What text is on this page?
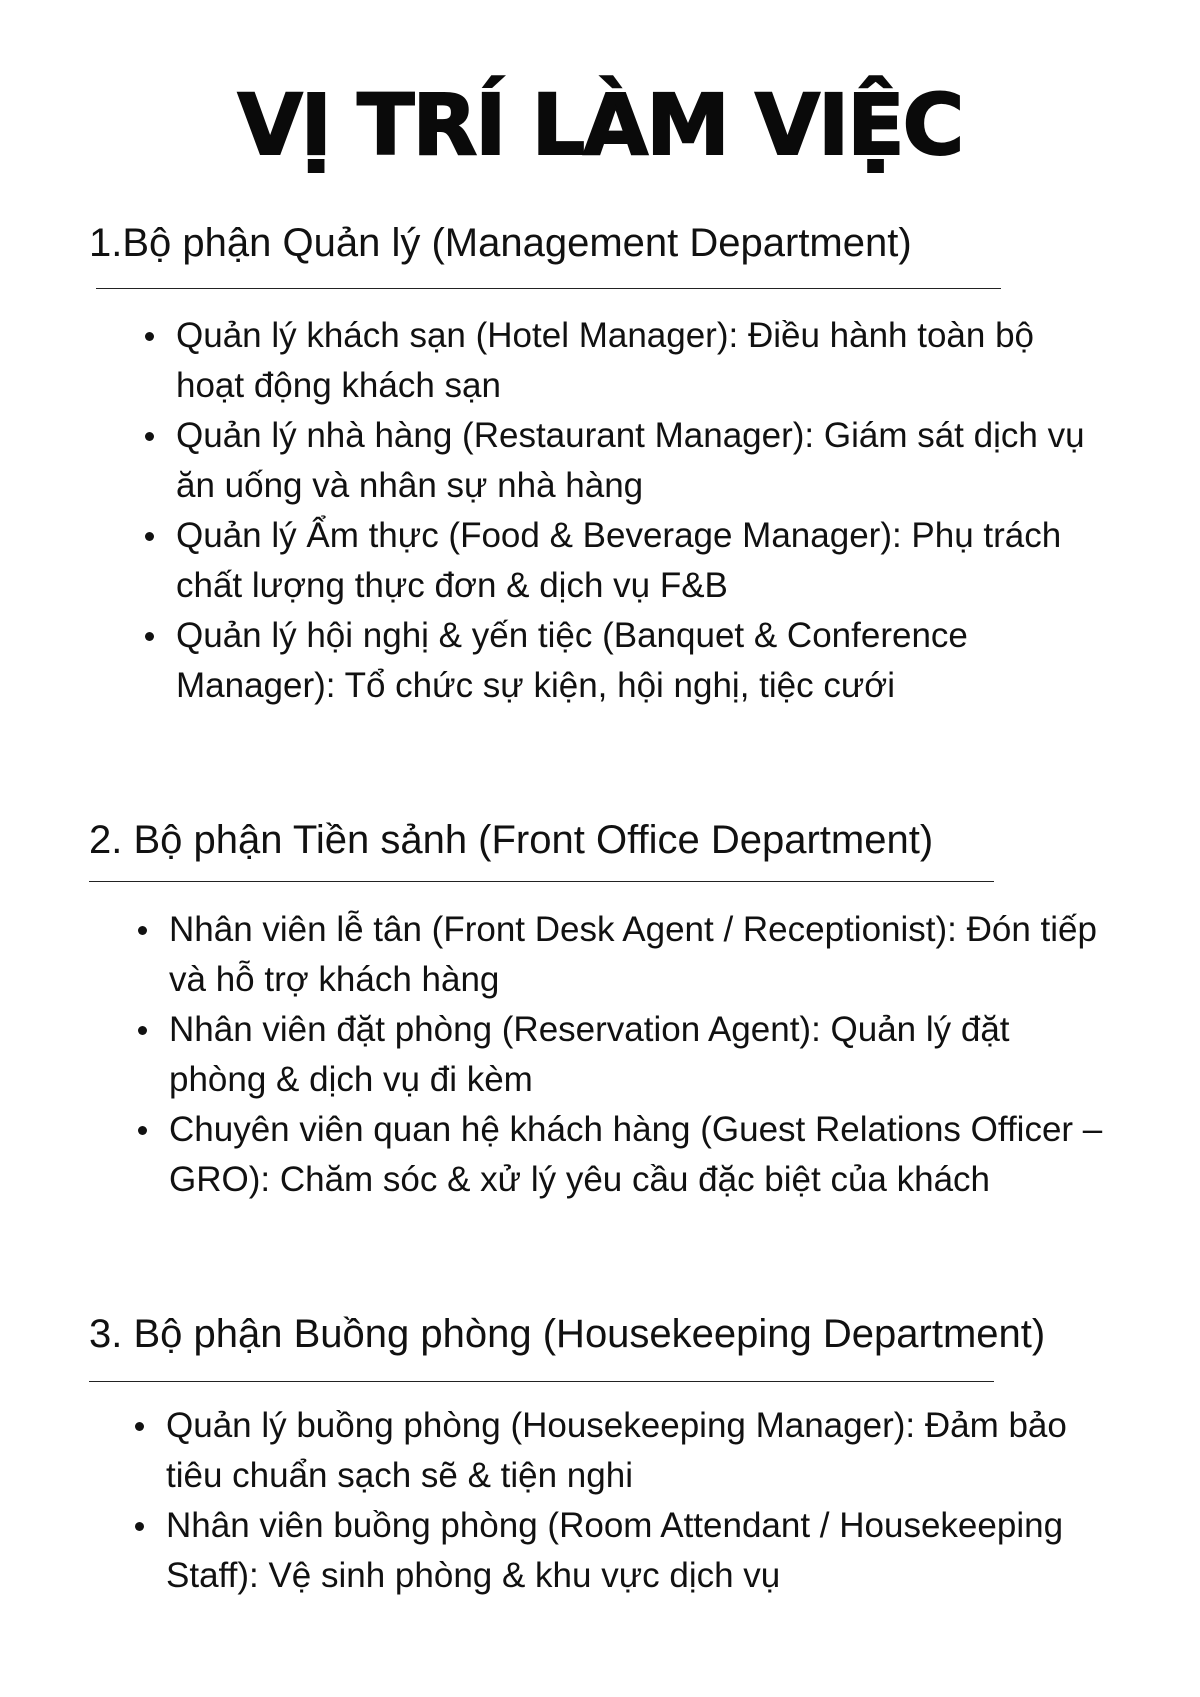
VỊ TRÍ LÀM VIỆC
1.Bộ phận Quản lý (Management Department)
Quản lý khách sạn (Hotel Manager): Điều hành toàn bộ
hoạt động khách sạn
Quản lý nhà hàng (Restaurant Manager): Giám sát dịch vụ
ăn uống và nhân sự nhà hàng
Quản lý Ẩm thực (Food & Beverage Manager): Phụ trách
chất lượng thực đơn & dịch vụ F&B
Quản lý hội nghị & yến tiệc (Banquet & Conference
Manager): Tổ chức sự kiện, hội nghị, tiệc cưới
2. Bộ phận Tiền sảnh (Front Office Department)
Nhân viên lễ tân (Front Desk Agent / Receptionist): Đón tiếp
và hỗ trợ khách hàng
Nhân viên đặt phòng (Reservation Agent): Quản lý đặt
phòng & dịch vụ đi kèm
Chuyên viên quan hệ khách hàng (Guest Relations Officer –
GRO): Chăm sóc & xử lý yêu cầu đặc biệt của khách
3. Bộ phận Buồng phòng (Housekeeping Department)
Quản lý buồng phòng (Housekeeping Manager): Đảm bảo
tiêu chuẩn sạch sẽ & tiện nghi
Nhân viên buồng phòng (Room Attendant / Housekeeping
Staff): Vệ sinh phòng & khu vực dịch vụ
